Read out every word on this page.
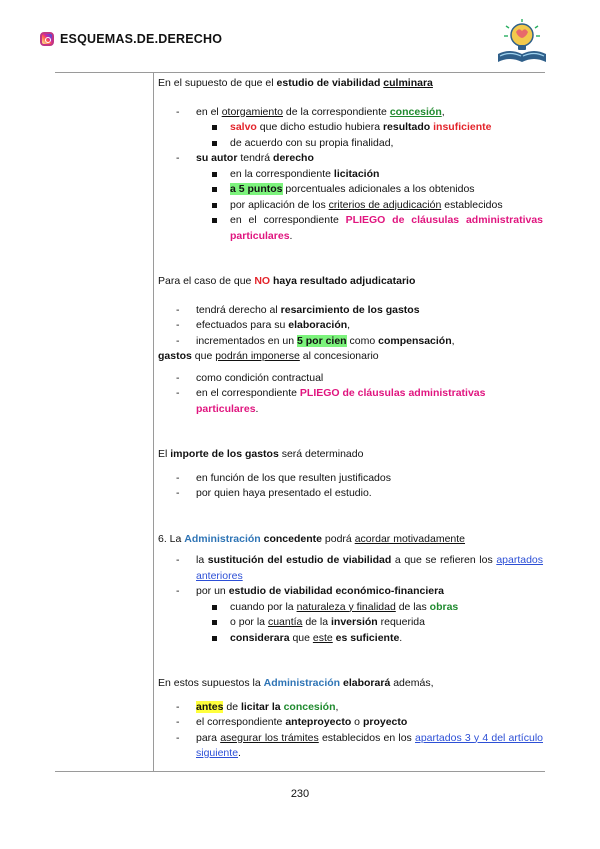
ESQUEMAS.DE.DERECHO

En el supuesto de que el estudio de viabilidad culminara

- en el otorgamiento de la correspondiente concesión,
salvo que dicho estudio hubiera resultado insuficiente
de acuerdo con su propia finalidad,
- su autor tendrá derecho
en la correspondiente licitación
a 5 puntos porcentuales adicionales a los obtenidos
por aplicación de los criterios de adjudicación establecidos
en el correspondiente PLIEGO de cláusulas administrativas particulares.

Para el caso de que NO haya resultado adjudicatario

- tendrá derecho al resarcimiento de los gastos
- efectuados para su elaboración,
- incrementados en un 5 por cien como compensación,

gastos que podrán imponerse al concesionario

- como condición contractual
- en el correspondiente PLIEGO de cláusulas administrativas particulares.

El importe de los gastos será determinado

- en función de los que resulten justificados
- por quien haya presentado el estudio.

6. La Administración concedente podrá acordar motivadamente

- la sustitución del estudio de viabilidad a que se refieren los apartados anteriores
- por un estudio de viabilidad económico-financiera
cuando por la naturaleza y finalidad de las obras
o por la cuantía de la inversión requerida
considerara que este es suficiente.

En estos supuestos la Administración elaborará además,

- antes de licitar la concesión,
- el correspondiente anteproyecto o proyecto
- para asegurar los trámites establecidos en los apartados 3 y 4 del artículo siguiente.
230
